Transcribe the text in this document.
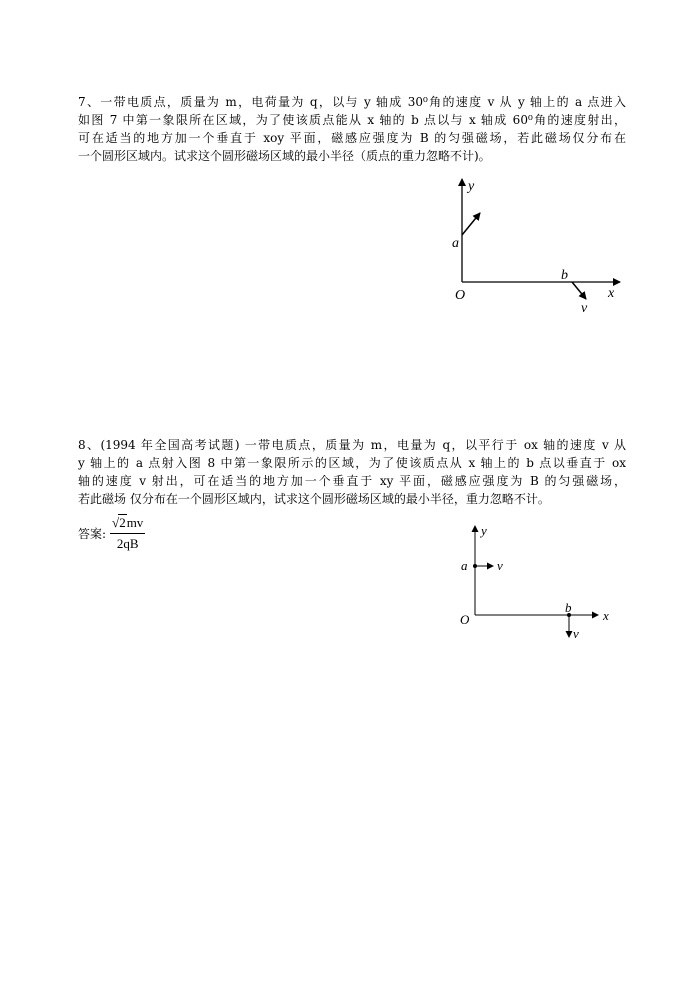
7、一带电质点，质量为 m，电荷量为 q，以与 y 轴成 30⁰角的速度 v 从 y 轴上的 a 点进入

如图 7 中第一象限所在区域，为了使该质点能从 x 轴的 b 点以与 x 轴成 60⁰角的速度射出，

可在适当的地方加一个垂直于 xoy 平面，磁感应强度为 B 的匀强磁场，若此磁场仅分布在

一个圆形区域内。试求这个圆形磁场区域的最小半径（质点的重力忽略不计)。

y
x
O
a
b
v

8、(1994 年全国高考试题) 一带电质点，质量为 m，电量为 q，以平行于 ox 轴的速度 v 从

y 轴上的 a 点射入图 8 中第一象限所示的区域，为了使该质点从 x 轴上的 b 点以垂直于 ox

轴的速度 v 射出，可在适当的地方加一个垂直于 xy 平面，磁感应强度为 B 的匀强磁场，

若此磁场 仅分布在一个圆形区域内，试求这个圆形磁场区域的最小半径，重力忽略不计。

答案: $\frac{√2mv}{2qB}$	y
x
O
a v
b
v
